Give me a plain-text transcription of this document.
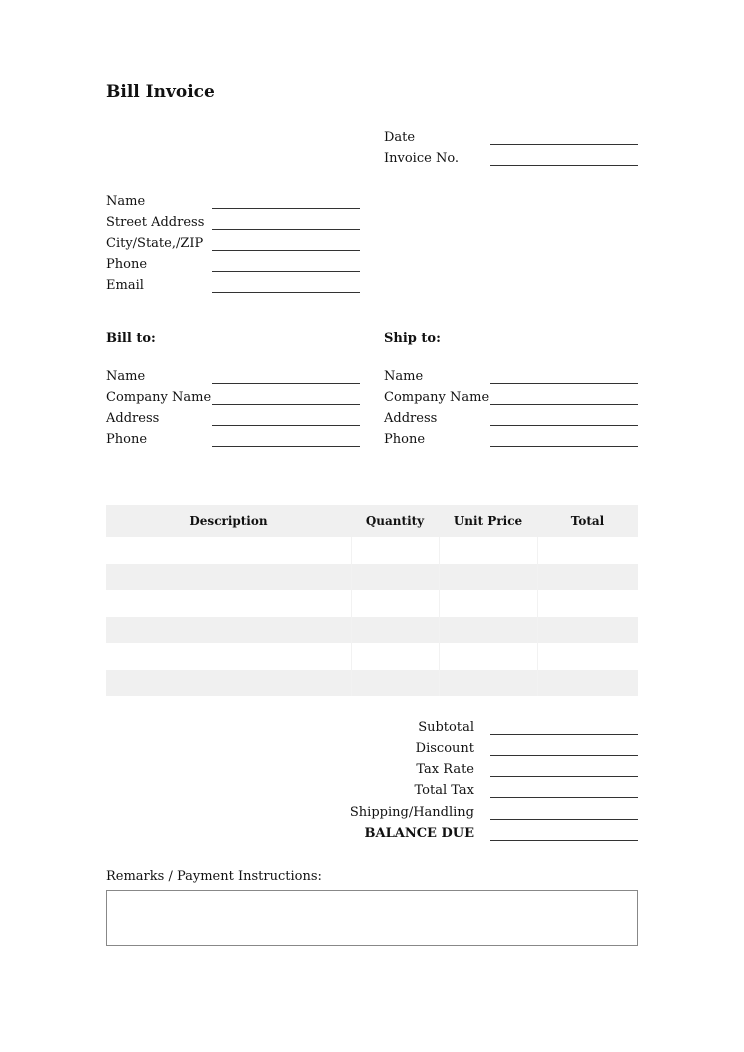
Bill Invoice
Date
Invoice No.
Name
Street Address
City/State,/ZIP
Phone
Email
Bill to:	Ship to:
Name
Company Name
Address
Phone
Name
Company Name
Address
Phone
Description	Quantity	Unit Price	Total

Subtotal
Discount
Tax Rate
Total Tax
Shipping/Handling
BALANCE DUE
Remarks / Payment Instructions:
